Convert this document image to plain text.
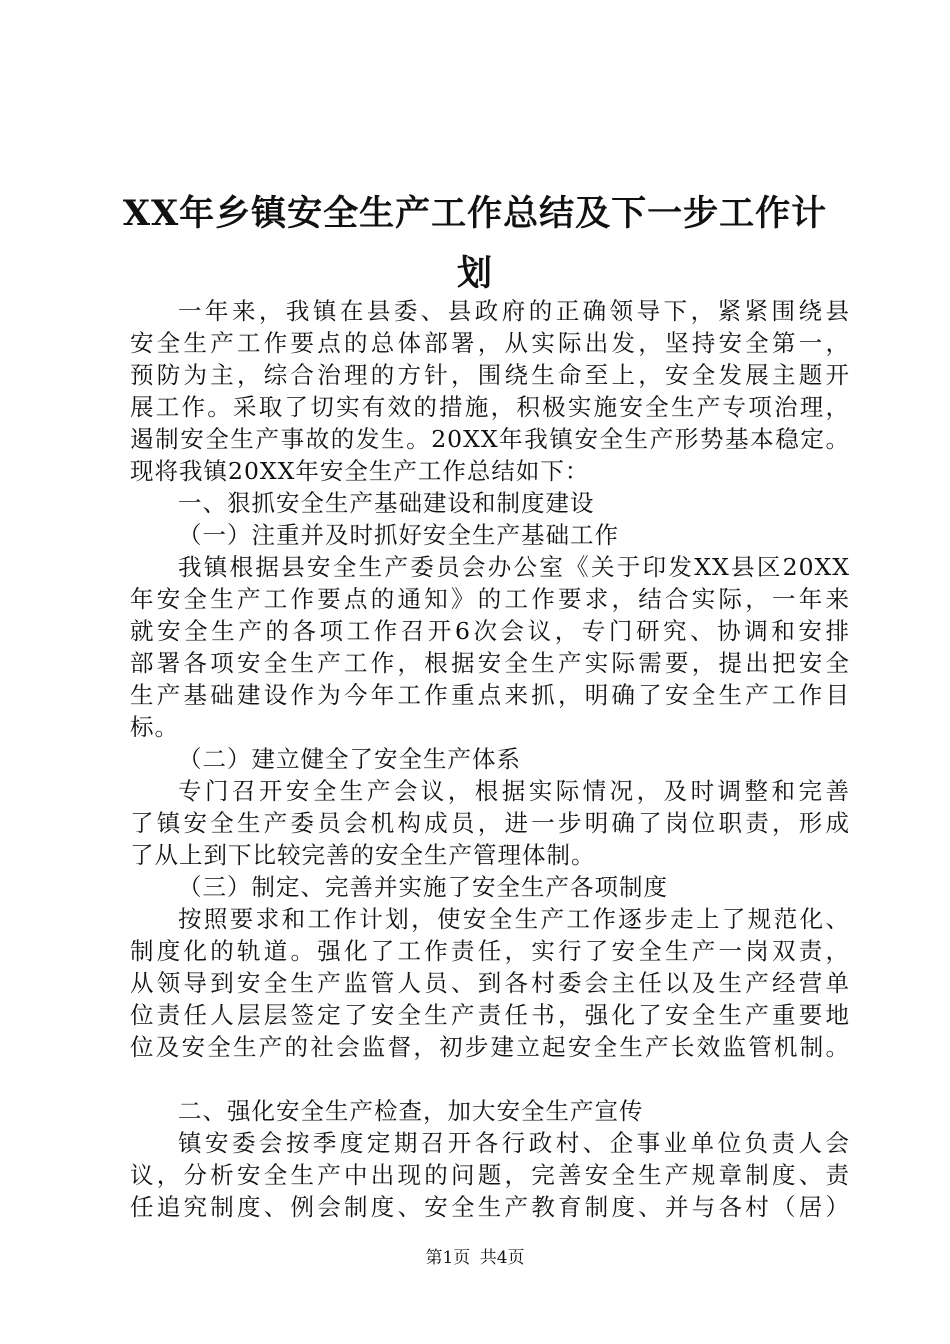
XX年乡镇安全生产工作总结及下一步工作计
划
一年来，我镇在县委、县政府的正确领导下，紧紧围绕县
安全生产工作要点的总体部署，从实际出发，坚持安全第一，
预防为主，综合治理的方针，围绕生命至上，安全发展主题开
展工作。采取了切实有效的措施，积极实施安全生产专项治理，
遏制安全生产事故的发生。20XX年我镇安全生产形势基本稳定。
现将我镇20XX年安全生产工作总结如下：
一、狠抓安全生产基础建设和制度建设
（一）注重并及时抓好安全生产基础工作
我镇根据县安全生产委员会办公室《关于印发XX县区20XX
年安全生产工作要点的通知》的工作要求，结合实际，一年来
就安全生产的各项工作召开6次会议，专门研究、协调和安排
部署各项安全生产工作，根据安全生产实际需要，提出把安全
生产基础建设作为今年工作重点来抓，明确了安全生产工作目
标。
（二）建立健全了安全生产体系
专门召开安全生产会议，根据实际情况，及时调整和完善
了镇安全生产委员会机构成员，进一步明确了岗位职责，形成
了从上到下比较完善的安全生产管理体制。
（三）制定、完善并实施了安全生产各项制度
按照要求和工作计划，使安全生产工作逐步走上了规范化、
制度化的轨道。强化了工作责任，实行了安全生产一岗双责，
从领导到安全生产监管人员、到各村委会主任以及生产经营单
位责任人层层签定了安全生产责任书，强化了安全生产重要地
位及安全生产的社会监督，初步建立起安全生产长效监管机制。
二、强化安全生产检查，加大安全生产宣传
镇安委会按季度定期召开各行政村、企事业单位负责人会
议，分析安全生产中出现的问题，完善安全生产规章制度、责
任追究制度、例会制度、安全生产教育制度、并与各村（居）
第1页 共4页
